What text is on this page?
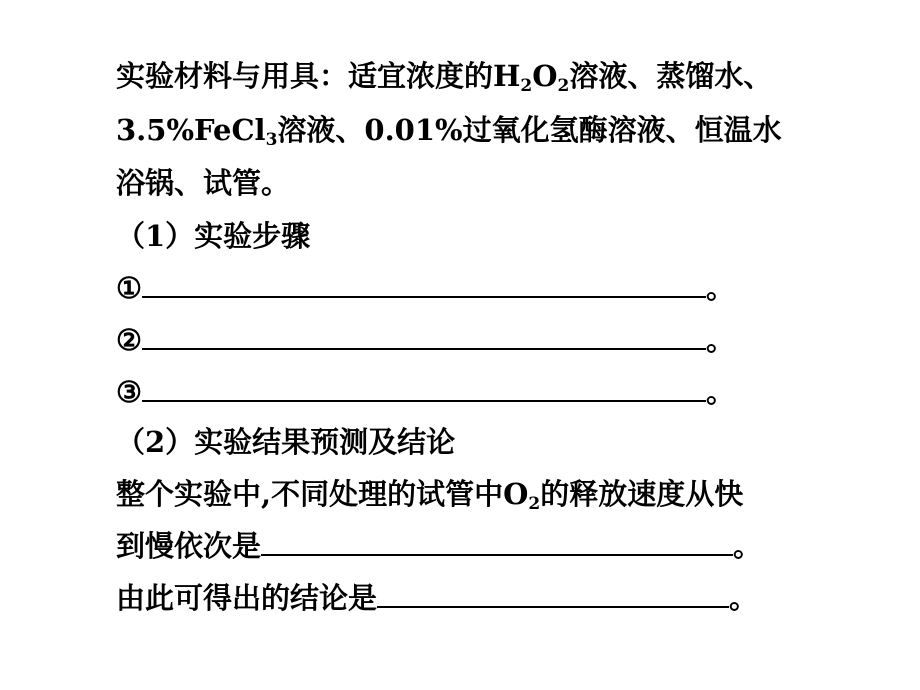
实验材料与用具：适宜浓度的$H_2O_2$溶液、蒸馏水、
3.5%FeCl$_3$溶液、0.01%过氧化氢酶溶液、恒温水
浴锅、试管。
（1）实验步骤
①	。
②	。
③	。
（2）实验结果预测及结论
整个实验中,不同处理的试管中$O_2$的释放速度从快
到慢依次是	。
由此可得出的结论是	。
